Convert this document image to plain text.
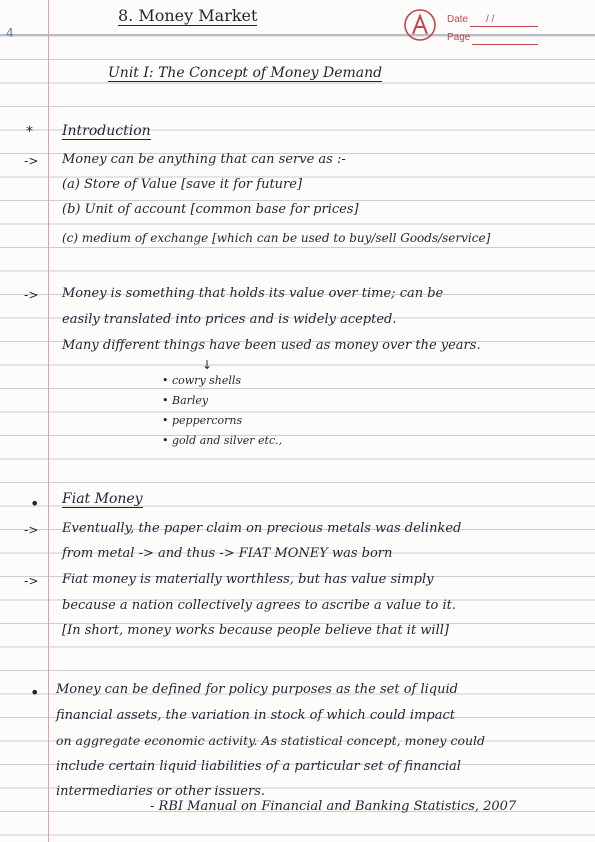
4
8. Money Market	Date / /
Page
Unit I: The Concept of Money Demand
* Introduction
-> Money can be anything that can serve as :-
(a) Store of Value [save it for future]
(b) Unit of account [common base for prices]
(c) medium of exchange [which can be used to buy/sell Goods/service]
-> Money is something that holds its value over time; can be
easily translated into prices and is widely acepted.
Many different things have been used as money over the years.
↓
• cowry shells
• Barley
• peppercorns
• gold and silver etc.,
• Fiat Money
-> Eventually, the paper claim on precious metals was delinked
from metal -> and thus -> FIAT MONEY was born
-> Fiat money is materially worthless, but has value simply
because a nation collectively agrees to ascribe a value to it.
[In short, money works because people believe that it will]
• Money can be defined for policy purposes as the set of liquid
financial assets, the variation in stock of which could impact
on aggregate economic activity. As statistical concept, money could
include certain liquid liabilities of a particular set of financial
intermediaries or other issuers.
- RBI Manual on Financial and Banking Statistics, 2007
